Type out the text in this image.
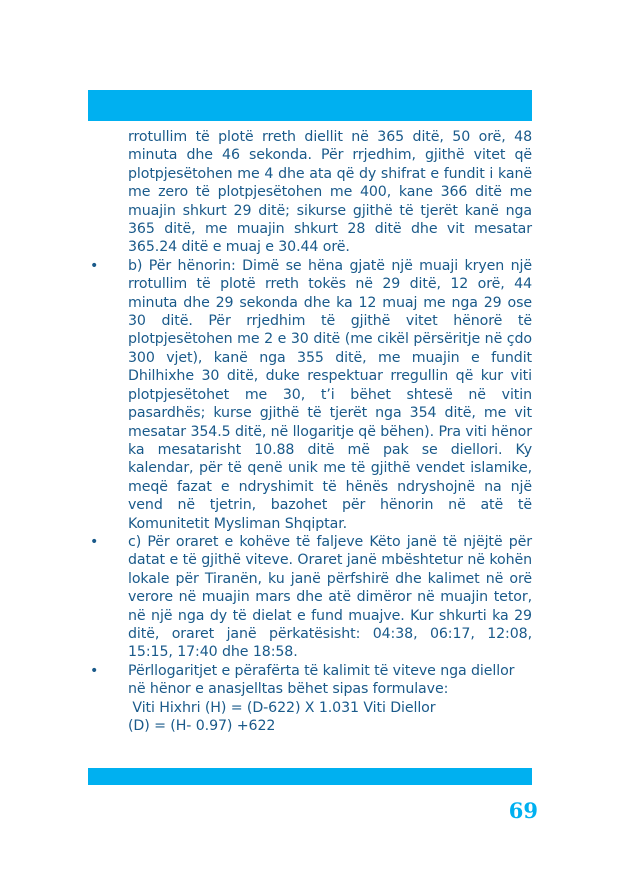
rrotullim të plotë rreth diellit në 365 ditë, 50 orë, 48 minuta dhe 46 sekonda. Për rrjedhim, gjithë vitet që plotpjesëtohen me 4 dhe ata që dy shifrat e fundit i kanë me zero të plotpjesëtohen me 400, kane 366 ditë me muajin shkurt 29 ditë; sikurse gjithë të tjerët kanë nga 365 ditë, me muajin shkurt 28 ditë dhe vit mesatar 365.24 ditë e muaj e 30.44 orë.
• b) Për hënorin: Dimë se hëna gjatë një muaji kryen një rrotullim të plotë rreth tokës në 29 ditë, 12 orë, 44 minuta dhe 29 sekonda dhe ka 12 muaj me nga 29 ose 30 ditë. Për rrjedhim të gjithë vitet hënorë të plotpjesëtohen me 2 e 30 ditë (me cikël përsëritje në çdo 300 vjet), kanë nga 355 ditë, me muajin e fundit Dhilhixhe 30 ditë, duke respektuar rregullin që kur viti plotpjesëtohet me 30, t’i bëhet shtesë në vitin pasardhës; kurse gjithë të tjerët nga 354 ditë, me vit mesatar 354.5 ditë, në llogaritje që bëhen). Pra viti hënor ka mesatarisht 10.88 ditë më pak se diellori. Ky kalendar, për të qenë unik me të gjithë vendet islamike, meqë fazat e ndryshimit të hënës ndryshojnë na një vend në tjetrin, bazohet për hënorin në atë të Komunitetit Mysliman Shqiptar.
• c) Për oraret e kohëve të faljeve Këto janë të njëjtë për datat e të gjithë viteve. Oraret janë mbështetur në kohën lokale për Tiranën, ku janë përfshirë dhe kalimet në orë verore në muajin mars dhe atë dimëror në muajin tetor, në një nga dy të dielat e fund muajve. Kur shkurti ka 29 ditë, oraret janë përkatësisht: 04:38, 06:17, 12:08, 15:15, 17:40 dhe 18:58.
• Përllogaritjet e përafërta të kalimit të viteve nga diellor
në hënor e anasjelltas bëhet sipas formulave:
Viti Hixhri (H) = (D-622) X 1.031 Viti Diellor
(D) = (H- 0.97) +622
69
